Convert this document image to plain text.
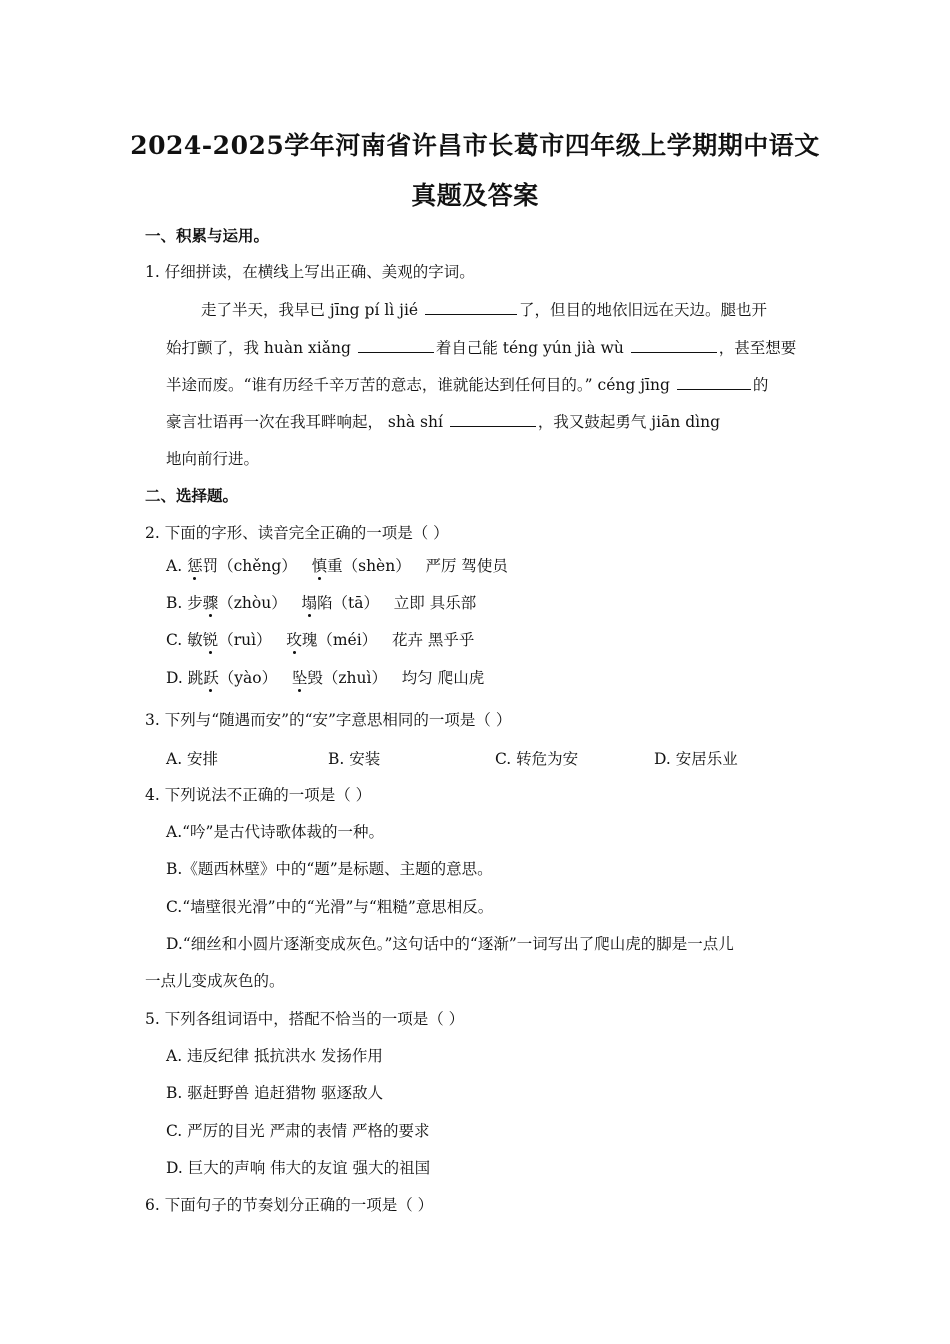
2024-2025学年河南省许昌市长葛市四年级上学期期中语文
真题及答案
一、积累与运用。
1. 仔细拼读，在横线上写出正确、美观的字词。
走了半天，我早已 jīng pí lì jié	了，但目的地依旧远在天边。腿也开
始打颤了，我 huàn xiǎng	着自己能 téng yún jià wù	，甚至想要
半途而废。“谁有历经千辛万苦的意志，谁就能达到任何目的。” céng jīng	的
豪言壮语再一次在我耳畔响起， shà shí	，我又鼓起勇气 jiān dìng
地向前行进。
二、选择题。
2. 下面的字形、读音完全正确的一项是（ ）
A. 惩罚（chěng） 慎重（shèn） 严厉 驾使员
B. 步骤（zhòu） 塌陷（tā） 立即 具乐部
C. 敏锐（ruì） 玫瑰（méi） 花卉 黑乎乎
D. 跳跃（yào） 坠毁（zhuì） 均匀 爬山虎
3. 下列与“随遇而安”的“安”字意思相同的一项是（ ）
A. 安排	B. 安装	C. 转危为安	D. 安居乐业
4. 下列说法不正确的一项是（ ）
A.“吟”是古代诗歌体裁的一种。
B.《题西林壁》中的“题”是标题、主题的意思。
C.“墙壁很光滑”中的“光滑”与“粗糙”意思相反。
D.“细丝和小圆片逐渐变成灰色。”这句话中的“逐渐”一词写出了爬山虎的脚是一点儿
一点儿变成灰色的。
5. 下列各组词语中，搭配不恰当的一项是（ ）
A. 违反纪律 抵抗洪水 发扬作用
B. 驱赶野兽 追赶猎物 驱逐敌人
C. 严厉的目光 严肃的表情 严格的要求
D. 巨大的声响 伟大的友谊 强大的祖国
6. 下面句子的节奏划分正确的一项是（ ）
